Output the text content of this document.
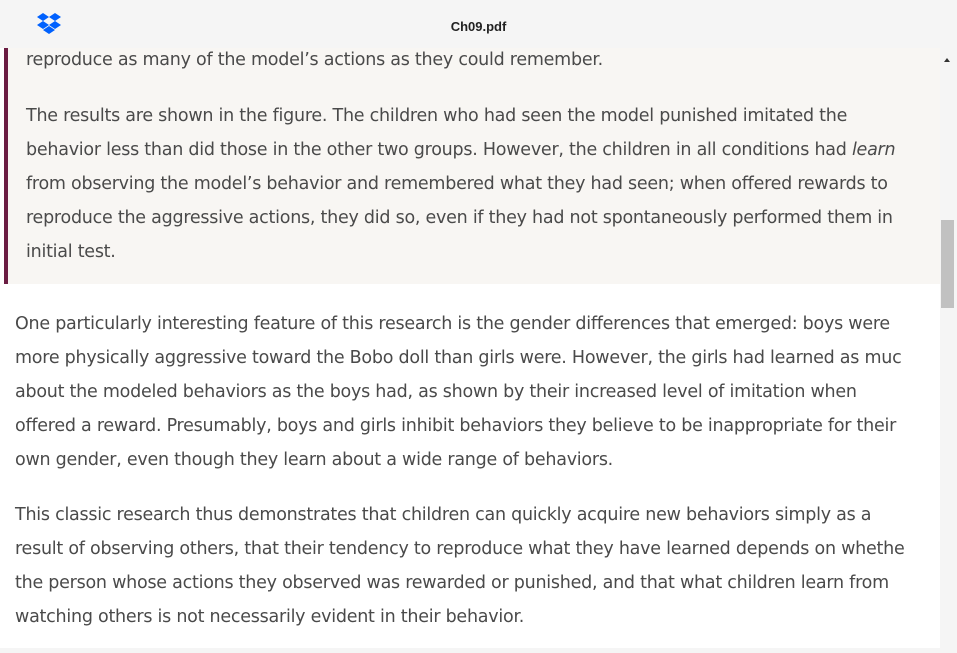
Ch09.pdf

reproduce as many of the model’s actions as they could remember.

The results are shown in the figure. The children who had seen the model punished imitated the
behavior less than did those in the other two groups. However, the children in all conditions had learn
from observing the model’s behavior and remembered what they had seen; when offered rewards to
reproduce the aggressive actions, they did so, even if they had not spontaneously performed them in
initial test.

One particularly interesting feature of this research is the gender differences that emerged: boys were
more physically aggressive toward the Bobo doll than girls were. However, the girls had learned as muc
about the modeled behaviors as the boys had, as shown by their increased level of imitation when
offered a reward. Presumably, boys and girls inhibit behaviors they believe to be inappropriate for their
own gender, even though they learn about a wide range of behaviors.

This classic research thus demonstrates that children can quickly acquire new behaviors simply as a
result of observing others, that their tendency to reproduce what they have learned depends on whethe
the person whose actions they observed was rewarded or punished, and that what children learn from
watching others is not necessarily evident in their behavior.
